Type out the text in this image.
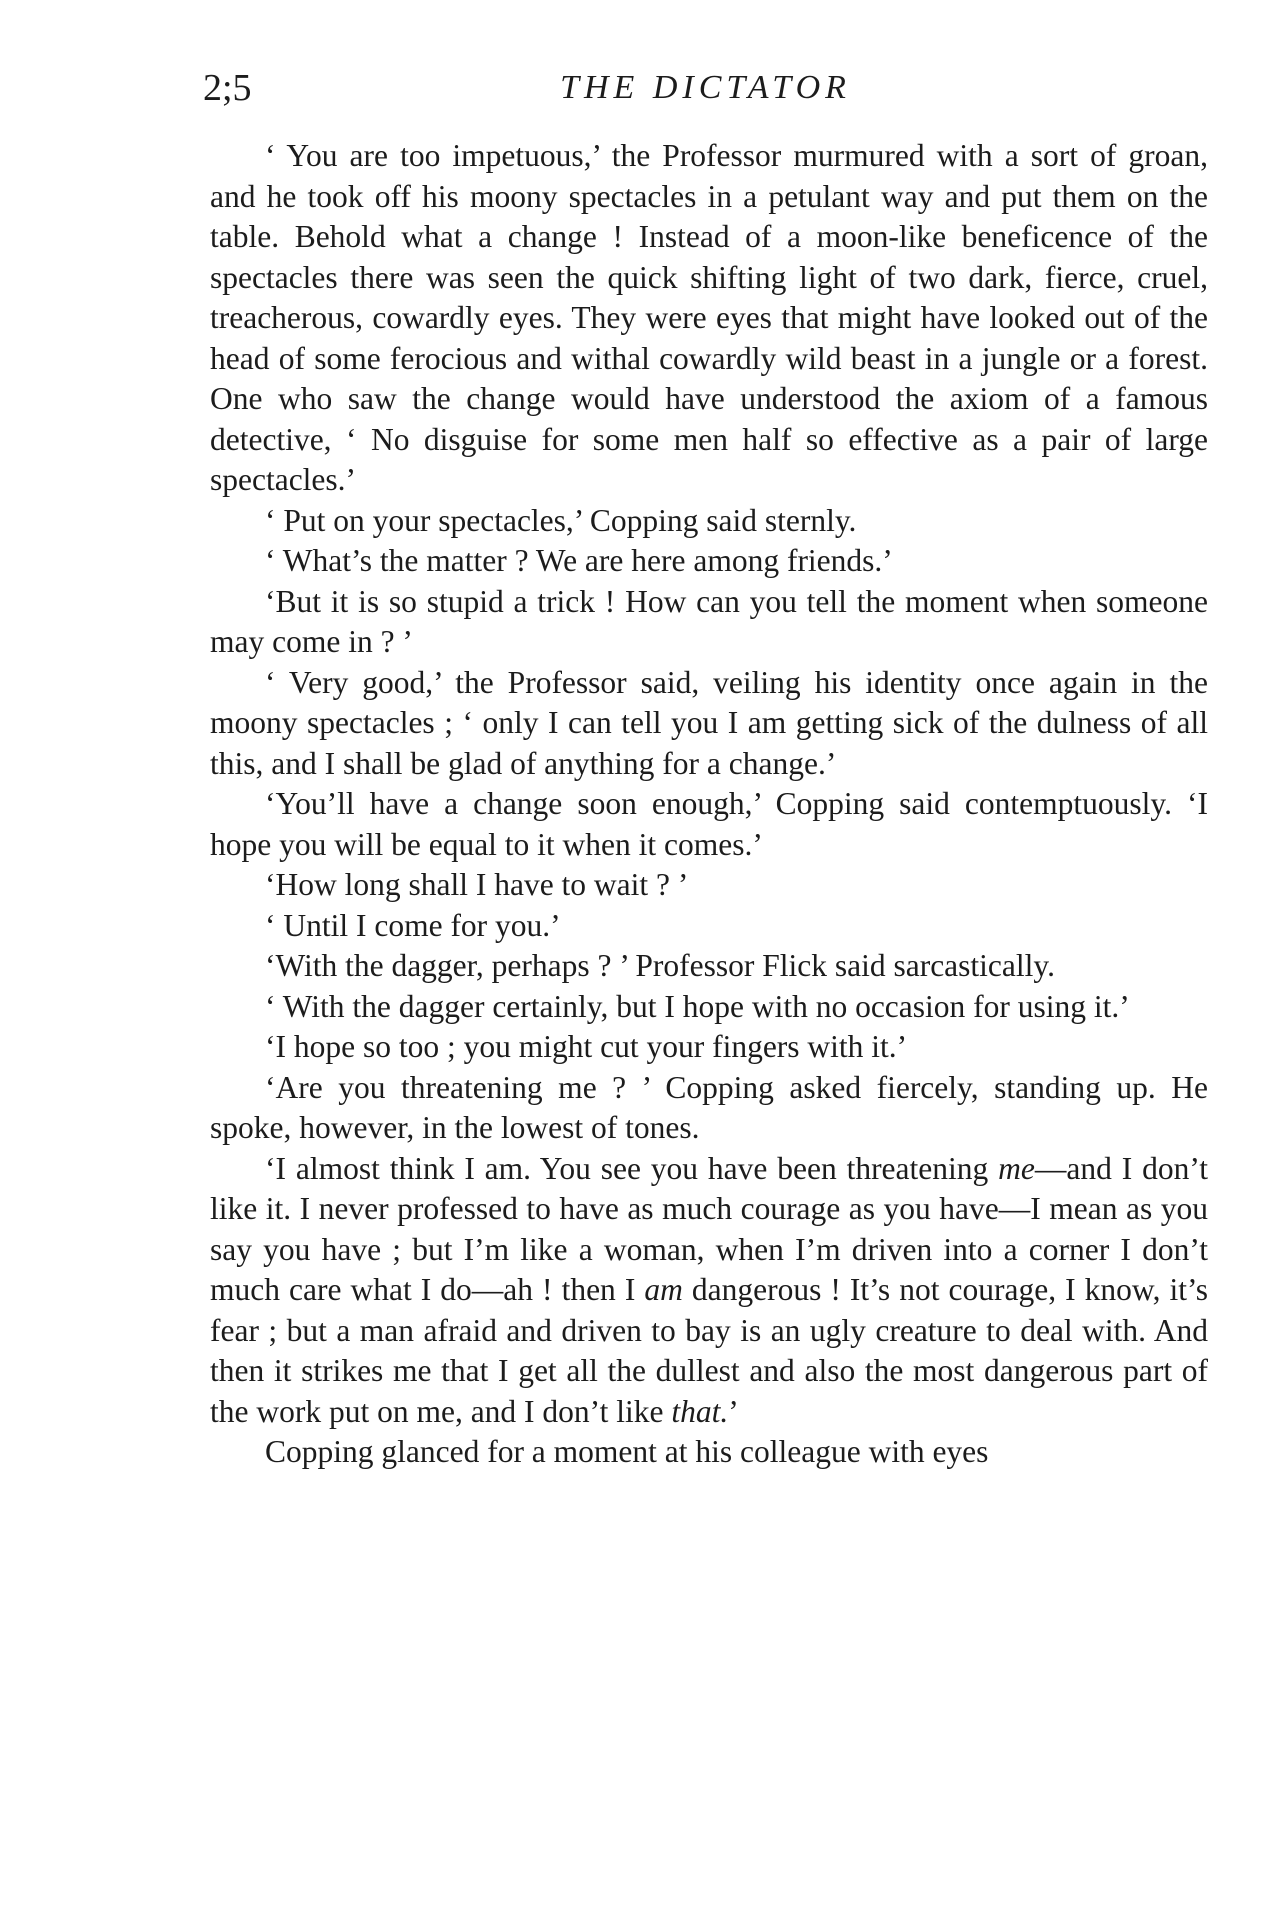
2;5	THE DICTATOR

‘ You are too impetuous,’ the Professor murmured with a sort of groan, and he took off his moony spectacles in a petulant way and put them on the table. Behold what a change ! Instead of a moon-like beneficence of the spectacles there was seen the quick shifting light of two dark, fierce, cruel, treacherous, cowardly eyes. They were eyes that might have looked out of the head of some ferocious and withal cowardly wild beast in a jungle or a forest. One who saw the change would have understood the axiom of a famous detective, ‘ No disguise for some men half so effective as a pair of large spectacles.’

‘ Put on your spectacles,’ Copping said sternly.

‘ What’s the matter ? We are here among friends.’

‘But it is so stupid a trick ! How can you tell the moment when someone may come in ? ’

‘ Very good,’ the Professor said, veiling his identity once again in the moony spectacles ; ‘ only I can tell you I am getting sick of the dulness of all this, and I shall be glad of anything for a change.’

‘You’ll have a change soon enough,’ Copping said contemptuously. ‘I hope you will be equal to it when it comes.’

‘How long shall I have to wait ? ’

‘ Until I come for you.’

‘With the dagger, perhaps ? ’ Professor Flick said sarcastically.

‘ With the dagger certainly, but I hope with no occasion for using it.’

‘I hope so too ; you might cut your fingers with it.’

‘Are you threatening me ? ’ Copping asked fiercely, standing up. He spoke, however, in the lowest of tones.

‘I almost think I am. You see you have been threatening me—and I don’t like it. I never professed to have as much courage as you have—I mean as you say you have ; but I’m like a woman, when I’m driven into a corner I don’t much care what I do—ah ! then I am dangerous ! It’s not courage, I know, it’s fear ; but a man afraid and driven to bay is an ugly creature to deal with. And then it strikes me that I get all the dullest and also the most dangerous part of the work put on me, and I don’t like that.’

Copping glanced for a moment at his colleague with eyes
